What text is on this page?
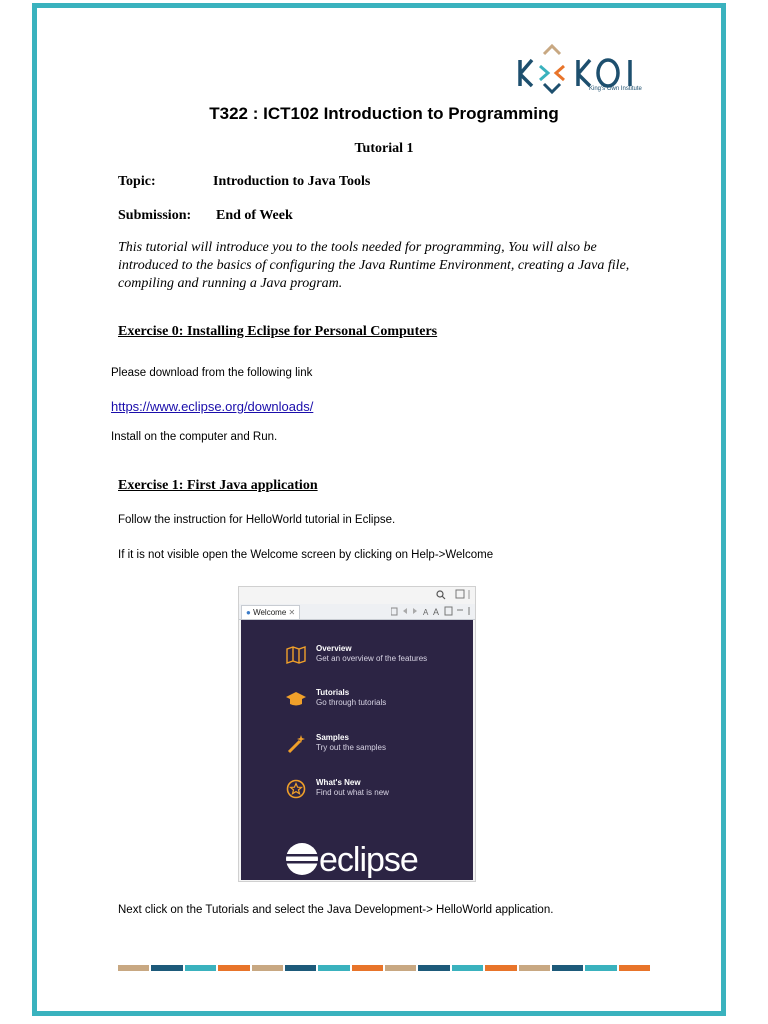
King's Own Institute
T322 : ICT102 Introduction to Programming
Tutorial 1
Topic:	Introduction to Java Tools
Submission: End of Week
This tutorial will introduce you to the tools needed for programming, You will also be introduced to the basics of configuring the Java Runtime Environment, creating a Java file, compiling and running a Java program.
Exercise 0: Installing Eclipse for Personal Computers
Please download from the following link
https://www.eclipse.org/downloads/
Install on the computer and Run.
Exercise 1: First Java application
Follow the instruction for HelloWorld tutorial in Eclipse.
If it is not visible open the Welcome screen by clicking on Help->Welcome
● Welcome ✕	A A
Overview
Get an overview of the features
Tutorials
Go through tutorials
Samples
Try out the samples
What's New
Find out what is new
eclipse
Next click on the Tutorials and select the Java Development-> HelloWorld application.
